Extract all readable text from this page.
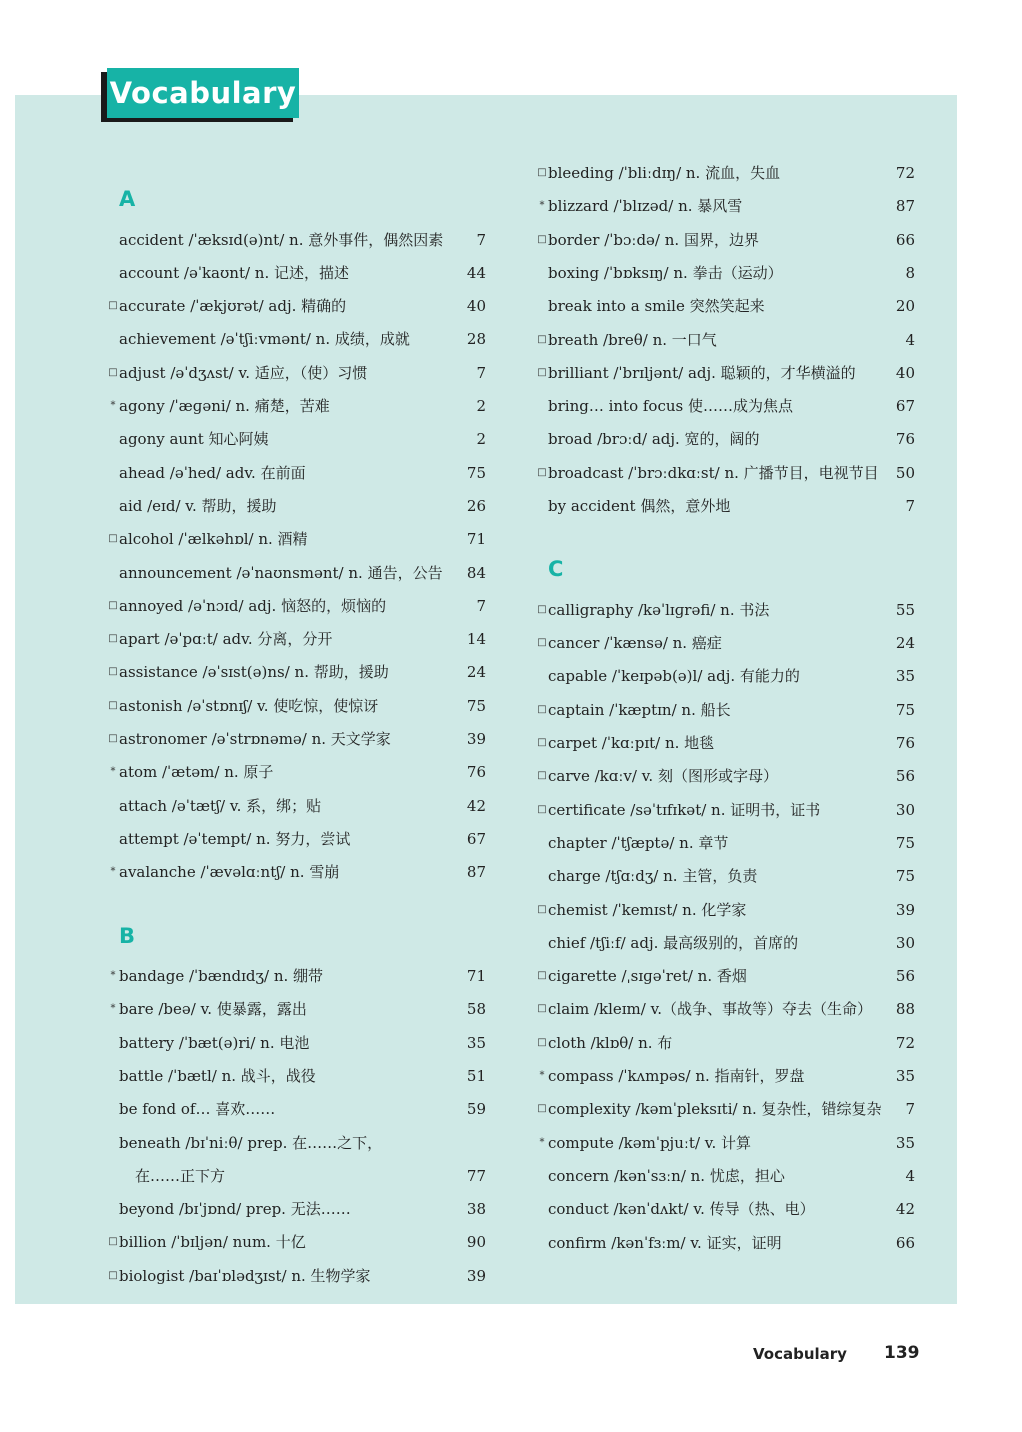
Vocabulary
A
accident /ˈæksɪd(ə)nt/ n. 意外事件，偶然因素	7
account /əˈkaʊnt/ n. 记述，描述	44
□ accurate /ˈækjʊrət/ adj. 精确的	40
achievement /əˈtʃiːvmənt/ n. 成绩，成就	28
□ adjust /əˈdʒʌst/ v. 适应，（使）习惯	7
* agony /ˈæɡəni/ n. 痛楚，苦难	2
agony aunt 知心阿姨	2
ahead /əˈhed/ adv. 在前面	75
aid /eɪd/ v. 帮助，援助	26
□ alcohol /ˈælkəhɒl/ n. 酒精	71
announcement /əˈnaʊnsmənt/ n. 通告，公告	84
□ annoyed /əˈnɔɪd/ adj. 恼怒的，烦恼的	7
□ apart /əˈpɑːt/ adv. 分离，分开	14
□ assistance /əˈsɪst(ə)ns/ n. 帮助，援助	24
□ astonish /əˈstɒnɪʃ/ v. 使吃惊，使惊讶	75
□ astronomer /əˈstrɒnəmə/ n. 天文学家	39
* atom /ˈætəm/ n. 原子	76
attach /əˈtætʃ/ v. 系，绑；贴	42
attempt /əˈtempt/ n. 努力，尝试	67
* avalanche /ˈævəlɑːntʃ/ n. 雪崩	87
B
* bandage /ˈbændɪdʒ/ n. 绷带	71
* bare /beə/ v. 使暴露，露出	58
battery /ˈbæt(ə)ri/ n. 电池	35
battle /ˈbætl/ n. 战斗，战役	51
be fond of… 喜欢……	59
beneath /bɪˈniːθ/ prep. 在……之下，
在……正下方	77
beyond /bɪˈjɒnd/ prep. 无法……	38
□ billion /ˈbɪljən/ num. 十亿	90
□ biologist /baɪˈɒlədʒɪst/ n. 生物学家	39
□ bleeding /ˈbliːdɪŋ/ n. 流血，失血	72
* blizzard /ˈblɪzəd/ n. 暴风雪	87
□ border /ˈbɔːdə/ n. 国界，边界	66
boxing /ˈbɒksɪŋ/ n. 拳击（运动）	8
break into a smile 突然笑起来	20
□ breath /breθ/ n. 一口气	4
□ brilliant /ˈbrɪljənt/ adj. 聪颖的，才华横溢的	40
bring… into focus 使……成为焦点	67
broad /brɔːd/ adj. 宽的，阔的	76
□ broadcast /ˈbrɔːdkɑːst/ n. 广播节目，电视节目	50
by accident 偶然，意外地	7
C
□ calligraphy /kəˈlɪɡrəfi/ n. 书法	55
□ cancer /ˈkænsə/ n. 癌症	24
capable /ˈkeɪpəb(ə)l/ adj. 有能力的	35
□ captain /ˈkæptɪn/ n. 船长	75
□ carpet /ˈkɑːpɪt/ n. 地毯	76
□ carve /kɑːv/ v. 刻（图形或字母）	56
□ certificate /səˈtɪfɪkət/ n. 证明书，证书	30
chapter /ˈtʃæptə/ n. 章节	75
charge /tʃɑːdʒ/ n. 主管，负责	75
□ chemist /ˈkemɪst/ n. 化学家	39
chief /tʃiːf/ adj. 最高级别的，首席的	30
□ cigarette /ˌsɪɡəˈret/ n. 香烟	56
□ claim /kleɪm/ v.（战争、事故等）夺去（生命）	88
□ cloth /klɒθ/ n. 布	72
* compass /ˈkʌmpəs/ n. 指南针，罗盘	35
□ complexity /kəmˈpleksɪti/ n. 复杂性，错综复杂	7
* compute /kəmˈpjuːt/ v. 计算	35
concern /kənˈsɜːn/ n. 忧虑，担心	4
conduct /kənˈdʌkt/ v. 传导（热、电）	42
confirm /kənˈfɜːm/ v. 证实，证明	66
Vocabulary 139
